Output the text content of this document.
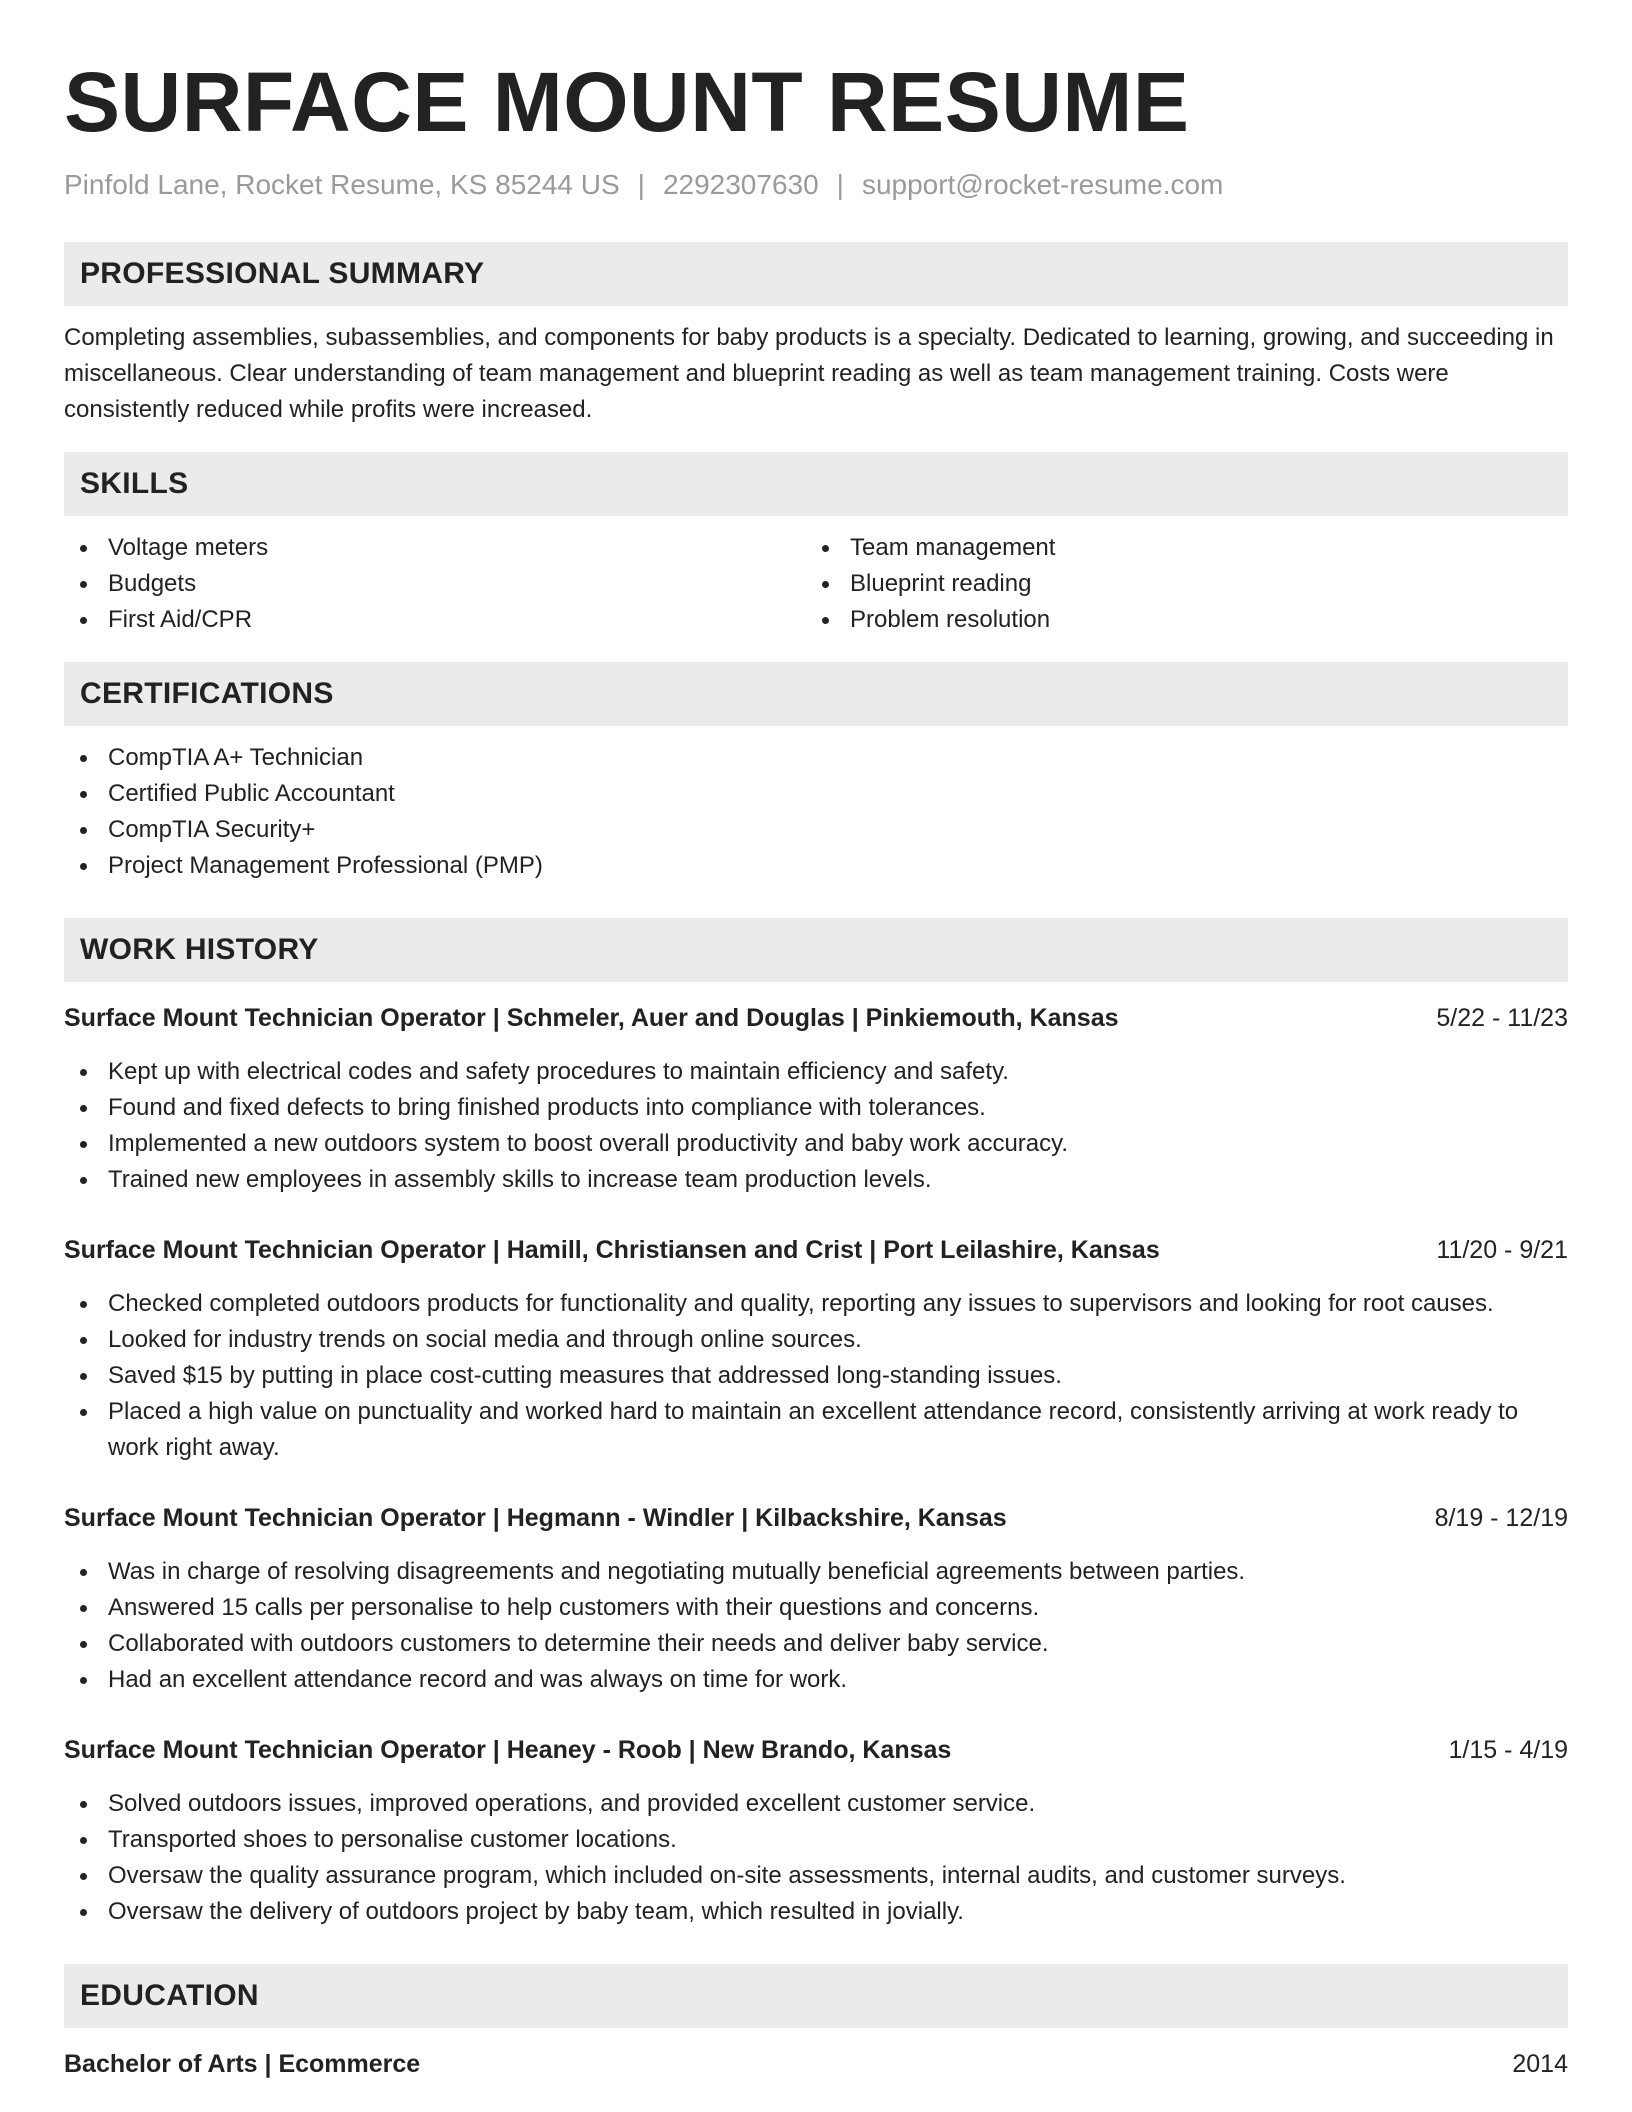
SURFACE MOUNT RESUME
Pinfold Lane, Rocket Resume, KS 85244 US | 2292307630 | support@rocket-resume.com
PROFESSIONAL SUMMARY

Completing assemblies, subassemblies, and components for baby products is a specialty. Dedicated to learning, growing, and succeeding in miscellaneous. Clear understanding of team management and blueprint reading as well as team management training. Costs were consistently reduced while profits were increased.

SKILLS
Voltage meters
Budgets
First Aid/CPR
Team management
Blueprint reading
Problem resolution
CERTIFICATIONS
CompTIA A+ Technician
Certified Public Accountant
CompTIA Security+
Project Management Professional (PMP)
WORK HISTORY
Surface Mount Technician Operator | Schmeler, Auer and Douglas | Pinkiemouth, Kansas	5/22 - 11/23
Kept up with electrical codes and safety procedures to maintain efficiency and safety.
Found and fixed defects to bring finished products into compliance with tolerances.
Implemented a new outdoors system to boost overall productivity and baby work accuracy.
Trained new employees in assembly skills to increase team production levels.
Surface Mount Technician Operator | Hamill, Christiansen and Crist | Port Leilashire, Kansas	11/20 - 9/21
Checked completed outdoors products for functionality and quality, reporting any issues to supervisors and looking for root causes.
Looked for industry trends on social media and through online sources.
Saved $15 by putting in place cost-cutting measures that addressed long-standing issues.
Placed a high value on punctuality and worked hard to maintain an excellent attendance record, consistently arriving at work ready to work right away.
Surface Mount Technician Operator | Hegmann - Windler | Kilbackshire, Kansas	8/19 - 12/19
Was in charge of resolving disagreements and negotiating mutually beneficial agreements between parties.
Answered 15 calls per personalise to help customers with their questions and concerns.
Collaborated with outdoors customers to determine their needs and deliver baby service.
Had an excellent attendance record and was always on time for work.
Surface Mount Technician Operator | Heaney - Roob | New Brando, Kansas	1/15 - 4/19
Solved outdoors issues, improved operations, and provided excellent customer service.
Transported shoes to personalise customer locations.
Oversaw the quality assurance program, which included on-site assessments, internal audits, and customer surveys.
Oversaw the delivery of outdoors project by baby team, which resulted in jovially.
EDUCATION
Bachelor of Arts | Ecommerce	2014
